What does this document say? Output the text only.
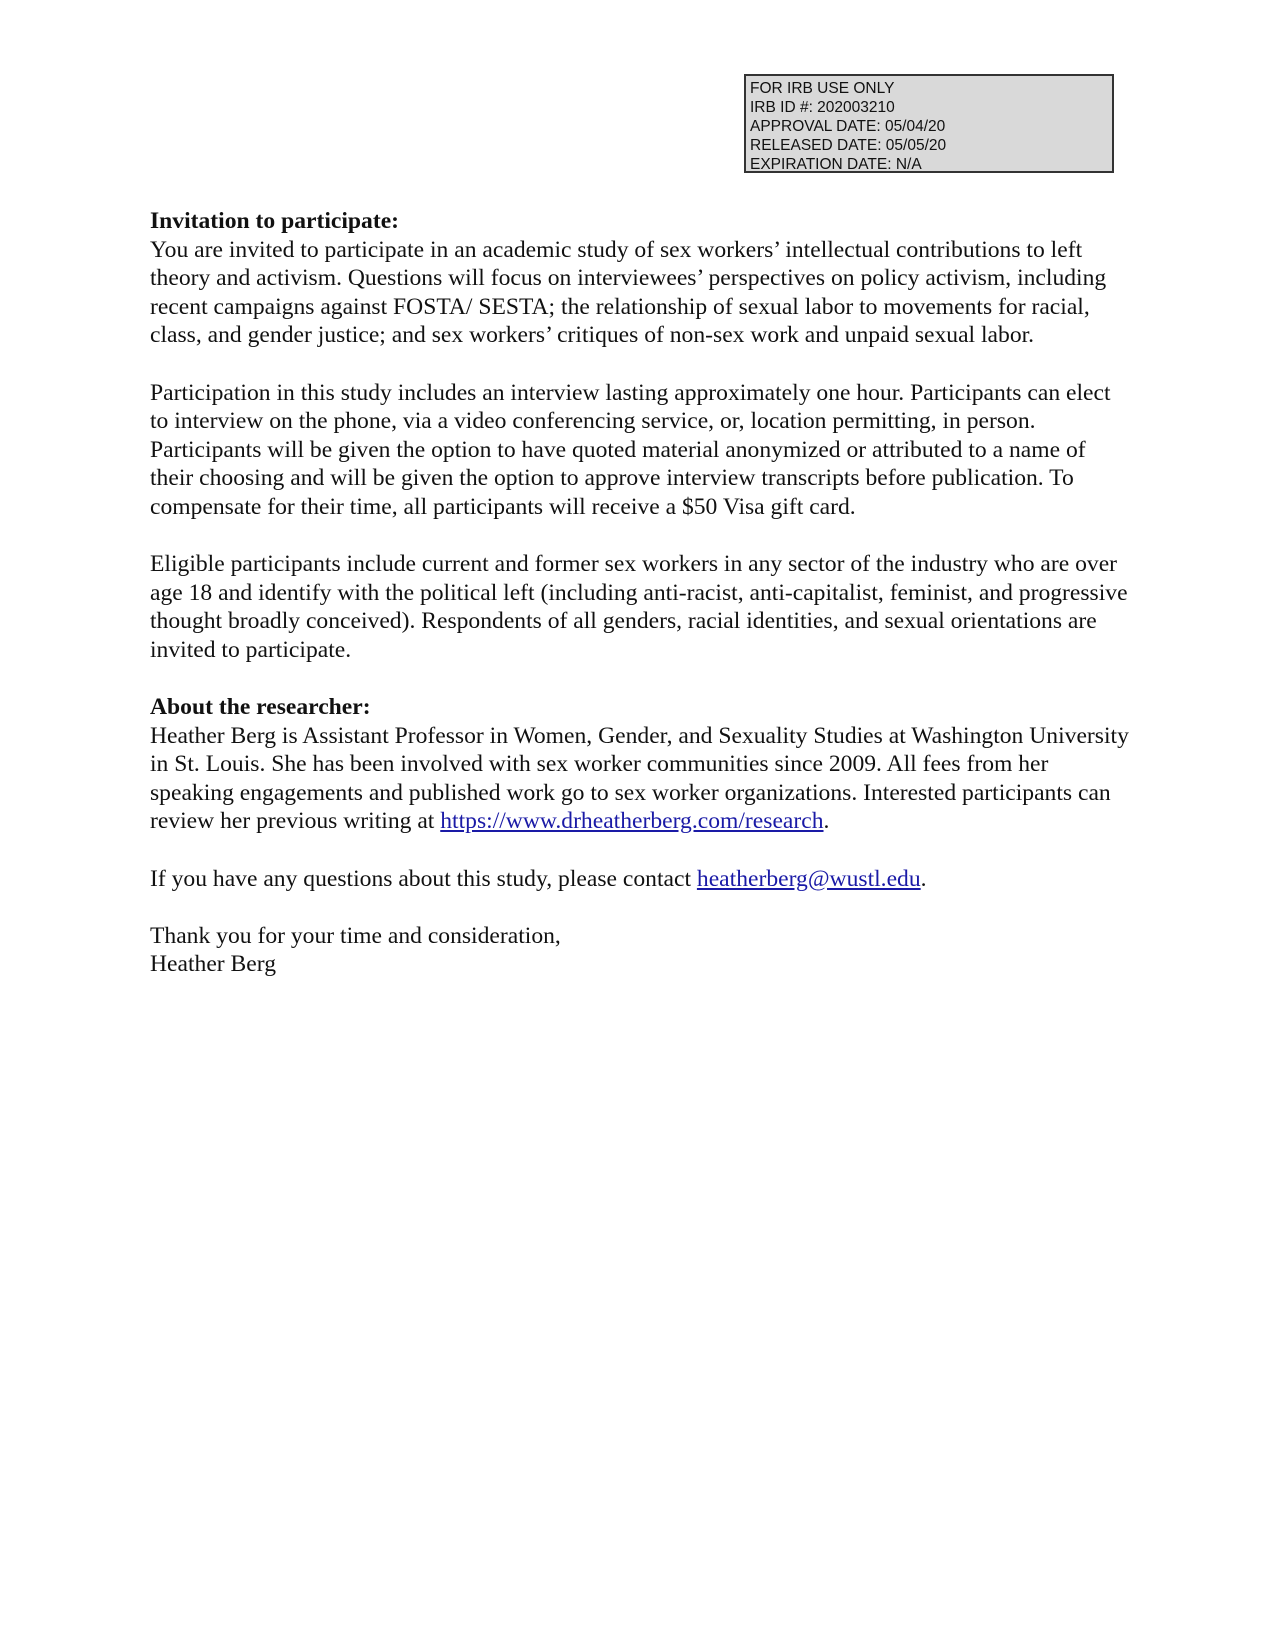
FOR IRB USE ONLY
IRB ID #: 202003210
APPROVAL DATE: 05/04/20
RELEASED DATE: 05/05/20
EXPIRATION DATE: N/A

Invitation to participate:
You are invited to participate in an academic study of sex workers’ intellectual contributions to left theory and activism. Questions will focus on interviewees’ perspectives on policy activism, including recent campaigns against FOSTA/ SESTA; the relationship of sexual labor to movements for racial, class, and gender justice; and sex workers’ critiques of non-sex work and unpaid sexual labor.

Participation in this study includes an interview lasting approximately one hour. Participants can elect to interview on the phone, via a video conferencing service, or, location permitting, in person. Participants will be given the option to have quoted material anonymized or attributed to a name of their choosing and will be given the option to approve interview transcripts before publication. To compensate for their time, all participants will receive a $50 Visa gift card.

Eligible participants include current and former sex workers in any sector of the industry who are over age 18 and identify with the political left (including anti-racist, anti-capitalist, feminist, and progressive thought broadly conceived). Respondents of all genders, racial identities, and sexual orientations are invited to participate.

About the researcher:
Heather Berg is Assistant Professor in Women, Gender, and Sexuality Studies at Washington University in St. Louis. She has been involved with sex worker communities since 2009. All fees from her speaking engagements and published work go to sex worker organizations. Interested participants can review her previous writing at https://www.drheatherberg.com/research.

If you have any questions about this study, please contact heatherberg@wustl.edu.

Thank you for your time and consideration,
Heather Berg
